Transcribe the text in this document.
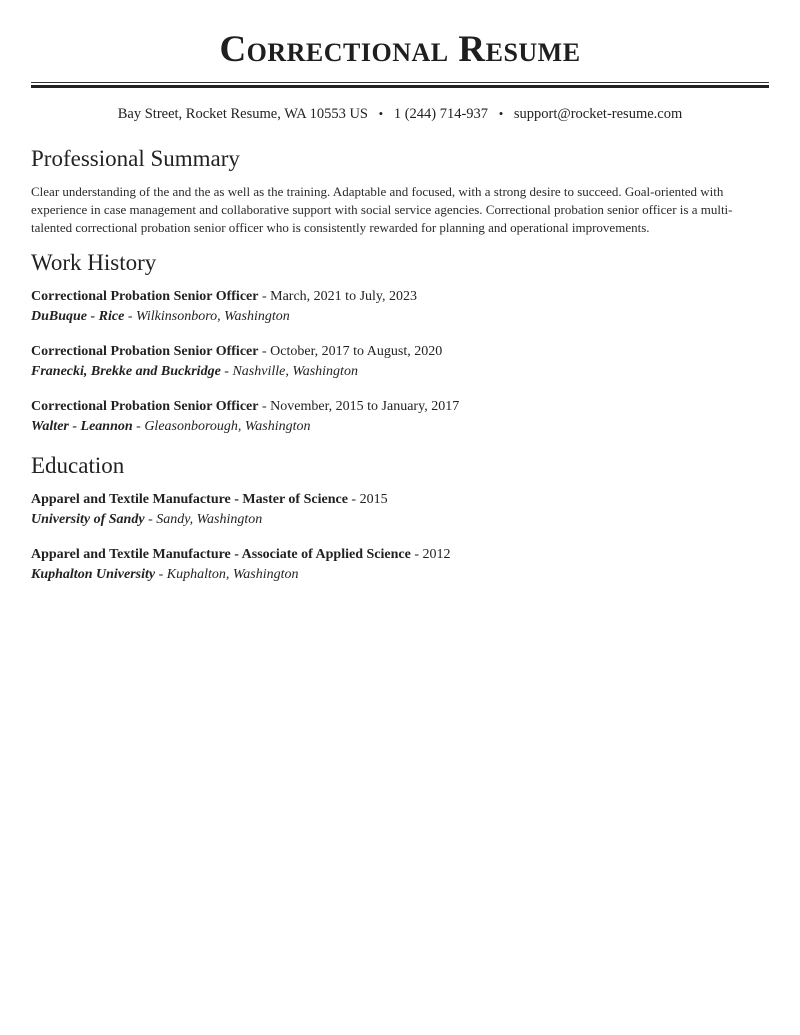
Correctional Resume
Bay Street, Rocket Resume, WA 10553 US • 1 (244) 714-937 • support@rocket-resume.com
Professional Summary

Clear understanding of the and the as well as the training. Adaptable and focused, with a strong desire to succeed. Goal-oriented with experience in case management and collaborative support with social service agencies. Correctional probation senior officer is a multi-talented correctional probation senior officer who is consistently rewarded for planning and operational improvements.

Work History
Correctional Probation Senior Officer - March, 2021 to July, 2023
DuBuque - Rice - Wilkinsonboro, Washington
Correctional Probation Senior Officer - October, 2017 to August, 2020
Franecki, Brekke and Buckridge - Nashville, Washington
Correctional Probation Senior Officer - November, 2015 to January, 2017
Walter - Leannon - Gleasonborough, Washington
Education
Apparel and Textile Manufacture - Master of Science - 2015
University of Sandy - Sandy, Washington
Apparel and Textile Manufacture - Associate of Applied Science - 2012
Kuphalton University - Kuphalton, Washington
